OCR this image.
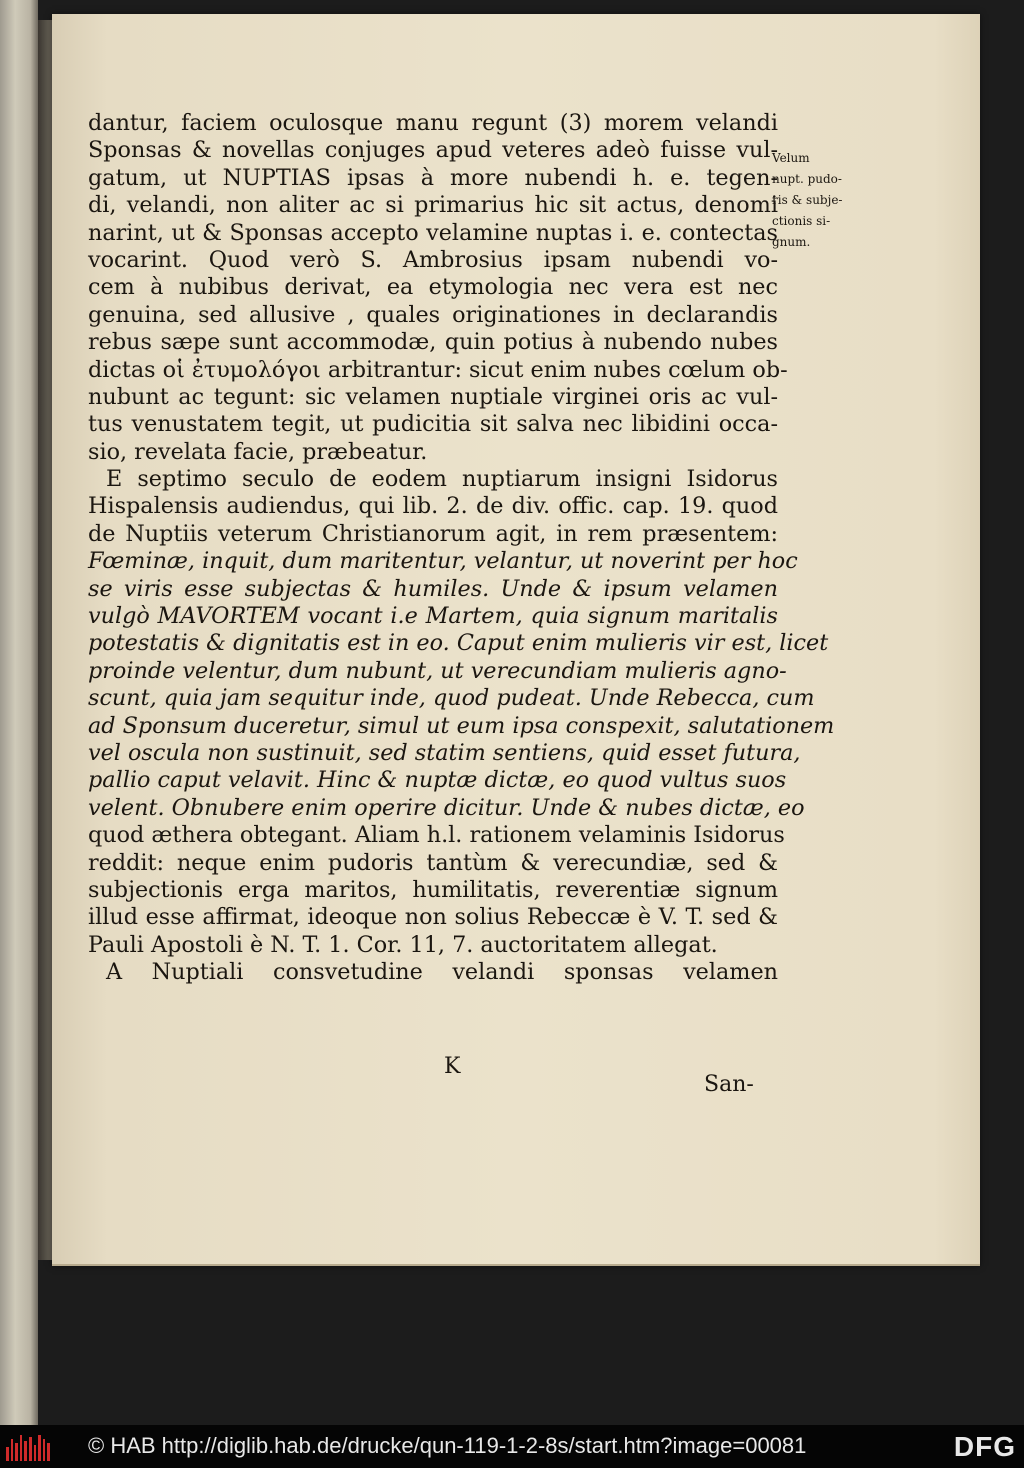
dantur, faciem oculosque manu regunt (3) morem velandi
Sponsas & novellas conjuges apud veteres adeò fuisse vul-
gatum, ut NUPTIAS ipsas à more nubendi h. e. tegen-
di, velandi, non aliter ac si primarius hic sit actus, denomi
narint, ut & Sponsas accepto velamine nuptas i. e. contectas
vocarint. Quod verò S. Ambrosius ipsam nubendi vo-
cem à nubibus derivat, ea etymologia nec vera est nec
genuina, sed allusive , quales originationes in declarandis
rebus sæpe sunt accommodæ, quin potius à nubendo nubes
dictas οἱ ἐτυμολόγοι arbitrantur: sicut enim nubes cœlum ob-
nubunt ac tegunt: sic velamen nuptiale virginei oris ac vul-
tus venustatem tegit, ut pudicitia sit salva nec libidini occa-
sio, revelata facie, præbeatur.
E septimo seculo de eodem nuptiarum insigni Isidorus
Hispalensis audiendus, qui lib. 2. de div. offic. cap. 19. quod
de Nuptiis veterum Christianorum agit, in rem præsentem:
Fœminæ, inquit, dum maritentur, velantur, ut noverint per hoc
se viris esse subjectas & humiles. Unde & ipsum velamen
vulgò MAVORTEM vocant i.e Martem, quia signum maritalis
potestatis & dignitatis est in eo. Caput enim mulieris vir est, licet
proinde velentur, dum nubunt, ut verecundiam mulieris agno-
scunt, quia jam sequitur inde, quod pudeat. Unde Rebecca, cum
ad Sponsum duceretur, simul ut eum ipsa conspexit, salutationem
vel oscula non sustinuit, sed statim sentiens, quid esset futura,
pallio caput velavit. Hinc & nuptæ dictæ, eo quod vultus suos
velent. Obnubere enim operire dicitur. Unde & nubes dictæ, eo
quod æthera obtegant. Aliam h.l. rationem velaminis Isidorus
reddit: neque enim pudoris tantùm & verecundiæ, sed &
subjectionis erga maritos, humilitatis, reverentiæ signum
illud esse affirmat, ideoque non solius Rebeccæ è V. T. sed &
Pauli Apostoli è N. T. 1. Cor. 11, 7. auctoritatem allegat.
A Nuptiali consvetudine velandi sponsas velamen
Velum
nupt. pudo-
ris & subje-
ctionis si-
gnum.
K
San-
© HAB http://diglib.hab.de/drucke/qun-119-1-2-8s/start.htm?image=00081	DFG
